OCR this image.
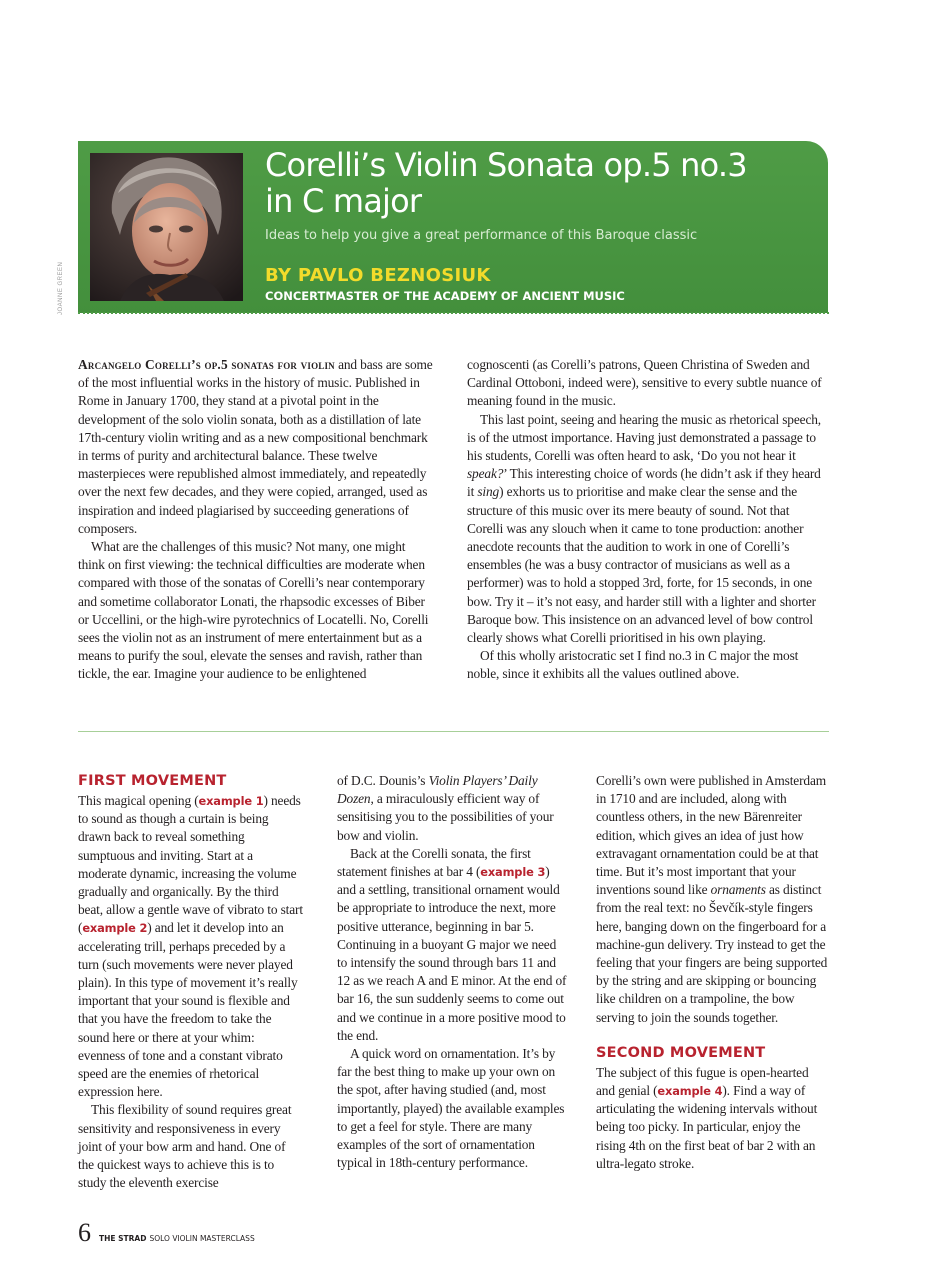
JOANNE GREEN
Corelli’s Violin Sonata op.5 no.3
in C major

Ideas to help you give a great performance of this Baroque classic

BY PAVLO BEZNOSIUK

CONCERTMASTER OF THE ACADEMY OF ANCIENT MUSIC

Arcangelo Corelli’s op.5 sonatas for violin and bass are some of the most influential works in the history of music. Published in Rome in January 1700, they stand at a pivotal point in the development of the solo violin sonata, both as a distillation of late 17th-century violin writing and as a new compositional benchmark in terms of purity and architectural balance. These twelve masterpieces were republished almost immediately, and repeatedly over the next few decades, and they were copied, arranged, used as inspiration and indeed plagiarised by succeeding generations of composers.

What are the challenges of this music? Not many, one might think on first viewing: the technical difficulties are moderate when compared with those of the sonatas of Corelli’s near contemporary and sometime collaborator Lonati, the rhapsodic excesses of Biber or Uccellini, or the high-wire pyrotechnics of Locatelli. No, Corelli sees the violin not as an instrument of mere entertainment but as a means to purify the soul, elevate the senses and ravish, rather than tickle, the ear. Imagine your audience to be enlightened

cognoscenti (as Corelli’s patrons, Queen Christina of Sweden and Cardinal Ottoboni, indeed were), sensitive to every subtle nuance of meaning found in the music.

This last point, seeing and hearing the music as rhetorical speech, is of the utmost importance. Having just demonstrated a passage to his students, Corelli was often heard to ask, ‘Do you not hear it speak?’ This interesting choice of words (he didn’t ask if they heard it sing) exhorts us to prioritise and make clear the sense and the structure of this music over its mere beauty of sound. Not that Corelli was any slouch when it came to tone production: another anecdote recounts that the audition to work in one of Corelli’s ensembles (he was a busy contractor of musicians as well as a performer) was to hold a stopped 3rd, forte, for 15 seconds, in one bow. Try it – it’s not easy, and harder still with a lighter and shorter Baroque bow. This insistence on an advanced level of bow control clearly shows what Corelli prioritised in his own playing.

Of this wholly aristocratic set I find no.3 in C major the most noble, since it exhibits all the values outlined above.

FIRST MOVEMENT

This magical opening (example 1) needs to sound as though a curtain is being drawn back to reveal something sumptuous and inviting. Start at a moderate dynamic, increasing the volume gradually and organically. By the third beat, allow a gentle wave of vibrato to start (example 2) and let it develop into an accelerating trill, perhaps preceded by a turn (such movements were never played plain). In this type of movement it’s really important that your sound is flexible and that you have the freedom to take the sound here or there at your whim: evenness of tone and a constant vibrato speed are the enemies of rhetorical expression here.

This flexibility of sound requires great sensitivity and responsiveness in every joint of your bow arm and hand. One of the quickest ways to achieve this is to study the eleventh exercise

of D.C. Dounis’s Violin Players’ Daily Dozen, a miraculously efficient way of sensitising you to the possibilities of your bow and violin.

Back at the Corelli sonata, the first statement finishes at bar 4 (example 3) and a settling, transitional ornament would be appropriate to introduce the next, more positive utterance, beginning in bar 5. Continuing in a buoyant G major we need to intensify the sound through bars 11 and 12 as we reach A and E minor. At the end of bar 16, the sun suddenly seems to come out and we continue in a more positive mood to the end.

A quick word on ornamentation. It’s by far the best thing to make up your own on the spot, after having studied (and, most importantly, played) the available examples to get a feel for style. There are many examples of the sort of ornamentation typical in 18th-century performance.

Corelli’s own were published in Amsterdam in 1710 and are included, along with countless others, in the new Bärenreiter edition, which gives an idea of just how extravagant ornamentation could be at that time. But it’s most important that your inventions sound like ornaments as distinct from the real text: no Ševčík-style fingers here, banging down on the fingerboard for a machine-gun delivery. Try instead to get the feeling that your fingers are being supported by the string and are skipping or bouncing like children on a trampoline, the bow serving to join the sounds together.

SECOND MOVEMENT

The subject of this fugue is open-hearted and genial (example 4). Find a way of articulating the widening intervals without being too picky. In particular, enjoy the rising 4th on the first beat of bar 2 with an ultra-legato stroke.

6 THE STRAD SOLO VIOLIN MASTERCLASS
